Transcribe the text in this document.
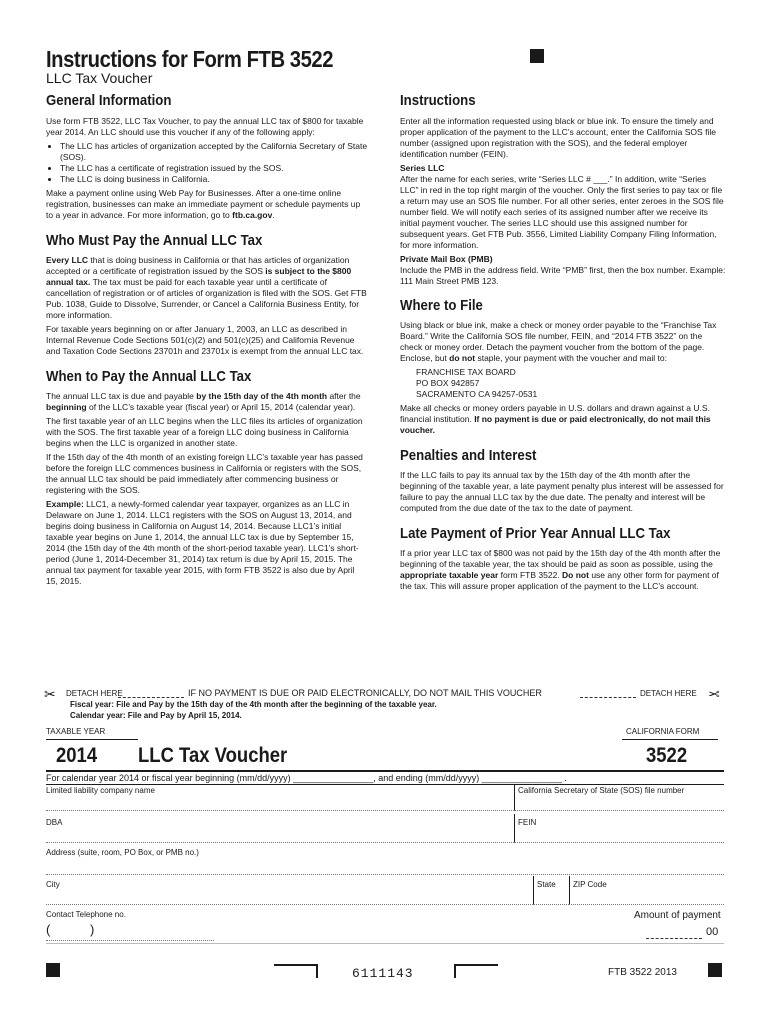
Instructions for Form FTB 3522
LLC Tax Voucher
General Information

Use form FTB 3522, LLC Tax Voucher, to pay the annual LLC tax of $800 for taxable year 2014. An LLC should use this voucher if any of the following apply:

• The LLC has articles of organization accepted by the California Secretary of State (SOS).
• The LLC has a certificate of registration issued by the SOS.
• The LLC is doing business in California.

Make a payment online using Web Pay for Businesses. After a one-time online registration, businesses can make an immediate payment or schedule payments up to a year in advance. For more information, go to ftb.ca.gov.

Who Must Pay the Annual LLC Tax

Every LLC that is doing business in California or that has articles of organization accepted or a certificate of registration issued by the SOS is subject to the $800 annual tax. The tax must be paid for each taxable year until a certificate of cancellation of registration or of articles of organization is filed with the SOS. Get FTB Pub. 1038, Guide to Dissolve, Surrender, or Cancel a California Business Entity, for more information.

For taxable years beginning on or after January 1, 2003, an LLC as described in Internal Revenue Code Sections 501(c)(2) and 501(c)(25) and California Revenue and Taxation Code Sections 23701h and 23701x is exempt from the annual LLC tax.

When to Pay the Annual LLC Tax

The annual LLC tax is due and payable by the 15th day of the 4th month after the beginning of the LLC’s taxable year (fiscal year) or April 15, 2014 (calendar year).

The first taxable year of an LLC begins when the LLC files its articles of organization with the SOS. The first taxable year of a foreign LLC doing business in California begins when the LLC is organized in another state.

If the 15th day of the 4th month of an existing foreign LLC’s taxable year has passed before the foreign LLC commences business in California or registers with the SOS, the annual LLC tax should be paid immediately after commencing business or registering with the SOS.

Example: LLC1, a newly-formed calendar year taxpayer, organizes as an LLC in Delaware on June 1, 2014. LLC1 registers with the SOS on August 13, 2014, and begins doing business in California on August 14, 2014. Because LLC1’s initial taxable year begins on June 1, 2014, the annual LLC tax is due by September 15, 2014 (the 15th day of the 4th month of the short-period taxable year). LLC1’s short-period (June 1, 2014-December 31, 2014) tax return is due by April 15, 2015. The annual tax payment for taxable year 2015, with form FTB 3522 is also due by April 15, 2015.

Instructions

Enter all the information requested using black or blue ink. To ensure the timely and proper application of the payment to the LLC’s account, enter the California SOS file number (assigned upon registration with the SOS), and the federal employer identification number (FEIN).

Series LLC

After the name for each series, write “Series LLC # ___.” In addition, write “Series LLC” in red in the top right margin of the voucher. Only the first series to pay tax or file a return may use an SOS file number. For all other series, enter zeroes in the SOS file number field. We will notify each series of its assigned number after we receive its initial payment voucher. The series LLC should use this assigned number for subsequent years. Get FTB Pub. 3556, Limited Liability Company Filing Information, for more information.

Private Mail Box (PMB)

Include the PMB in the address field. Write “PMB” first, then the box number. Example: 111 Main Street PMB 123.

Where to File

Using black or blue ink, make a check or money order payable to the “Franchise Tax Board.” Write the California SOS file number, FEIN, and “2014 FTB 3522” on the check or money order. Detach the payment voucher from the bottom of the page. Enclose, but do not staple, your payment with the voucher and mail to:

FRANCHISE TAX BOARD
PO BOX 942857
SACRAMENTO CA 94257-0531

Make all checks or money orders payable in U.S. dollars and drawn against a U.S. financial institution. If no payment is due or paid electronically, do not mail this voucher.

Penalties and Interest

If the LLC fails to pay its annual tax by the 15th day of the 4th month after the beginning of the taxable year, a late payment penalty plus interest will be assessed for failure to pay the annual LLC tax by the due date. The penalty and interest will be computed from the due date of the tax to the date of payment.

Late Payment of Prior Year Annual LLC Tax

If a prior year LLC tax of $800 was not paid by the 15th day of the 4th month after the beginning of the taxable year, the tax should be paid as soon as possible, using the appropriate taxable year form FTB 3522. Do not use any other form for payment of the tax. This will assure proper application of the payment to the LLC’s account.

✂ DETACH HERE	IF NO PAYMENT IS DUE OR PAID ELECTRONICALLY, DO NOT MAIL THIS VOUCHER	DETACH HERE ✂
Fiscal year: File and Pay by the 15th day of the 4th month after the beginning of the taxable year.
Calendar year: File and Pay by April 15, 2014.
TAXABLE YEAR	CALIFORNIA FORM
2014 LLC Tax Voucher	3522
For calendar year 2014 or fiscal year beginning (mm/dd/yyyy) ________________, and ending (mm/dd/yyyy) ________________ .
Limited liability company name	California Secretary of State (SOS) file number
DBA	FEIN
Address (suite, room, PO Box, or PMB no.)
City	State ZIP Code
Contact Telephone no.
(           )
Amount of payment
00
6111143	FTB 3522 2013
